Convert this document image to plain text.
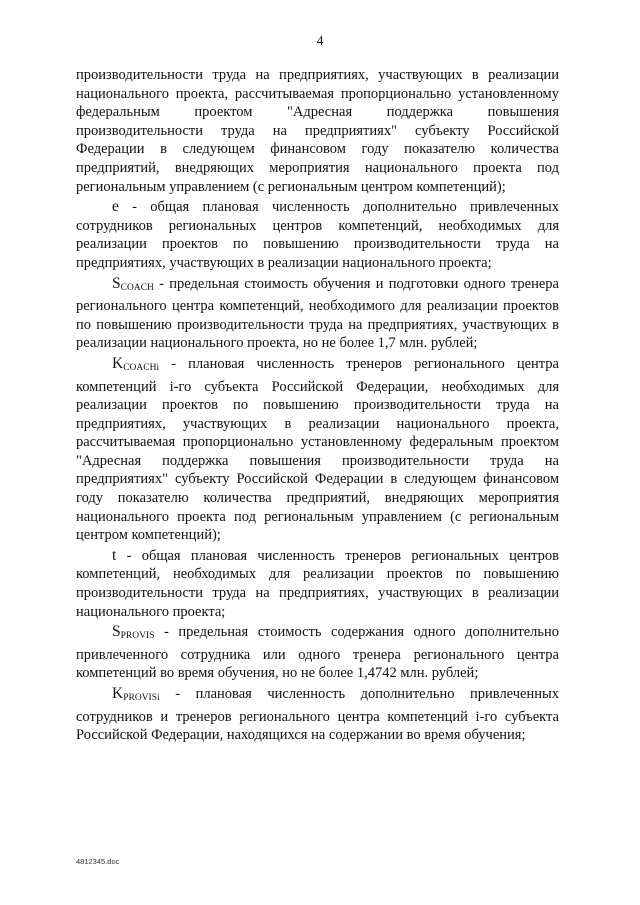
4

производительности труда на предприятиях, участвующих в реализации национального проекта, рассчитываемая пропорционально установленному федеральным проектом "Адресная поддержка повышения производительности труда на предприятиях" субъекту Российской Федерации в следующем финансовом году показателю количества предприятий, внедряющих мероприятия национального проекта под региональным управлением (с региональным центром компетенций);

е - общая плановая численность дополнительно привлеченных сотрудников региональных центров компетенций, необходимых для реализации проектов по повышению производительности труда на предприятиях, участвующих в реализации национального проекта;

$S_{COACH}$ - предельная стоимость обучения и подготовки одного тренера регионального центра компетенций, необходимого для реализации проектов по повышению производительности труда на предприятиях, участвующих в реализации национального проекта, но не более 1,7 млн. рублей;

$K_{COACHi}$ - плановая численность тренеров регионального центра компетенций i-го субъекта Российской Федерации, необходимых для реализации проектов по повышению производительности труда на предприятиях, участвующих в реализации национального проекта, рассчитываемая пропорционально установленному федеральным проектом "Адресная поддержка повышения производительности труда на предприятиях" субъекту Российской Федерации в следующем финансовом году показателю количества предприятий, внедряющих мероприятия национального проекта под региональным управлением (с региональным центром компетенций);

t - общая плановая численность тренеров региональных центров компетенций, необходимых для реализации проектов по повышению производительности труда на предприятиях, участвующих в реализации национального проекта;

$S_{PROVIS}$ - предельная стоимость содержания одного дополнительно привлеченного сотрудника или одного тренера регионального центра компетенций во время обучения, но не более 1,4742 млн. рублей;

$K_{PROVISi}$ - плановая численность дополнительно привлеченных сотрудников и тренеров регионального центра компетенций i-го субъекта Российской Федерации, находящихся на содержании во время обучения;

4812345.doc
